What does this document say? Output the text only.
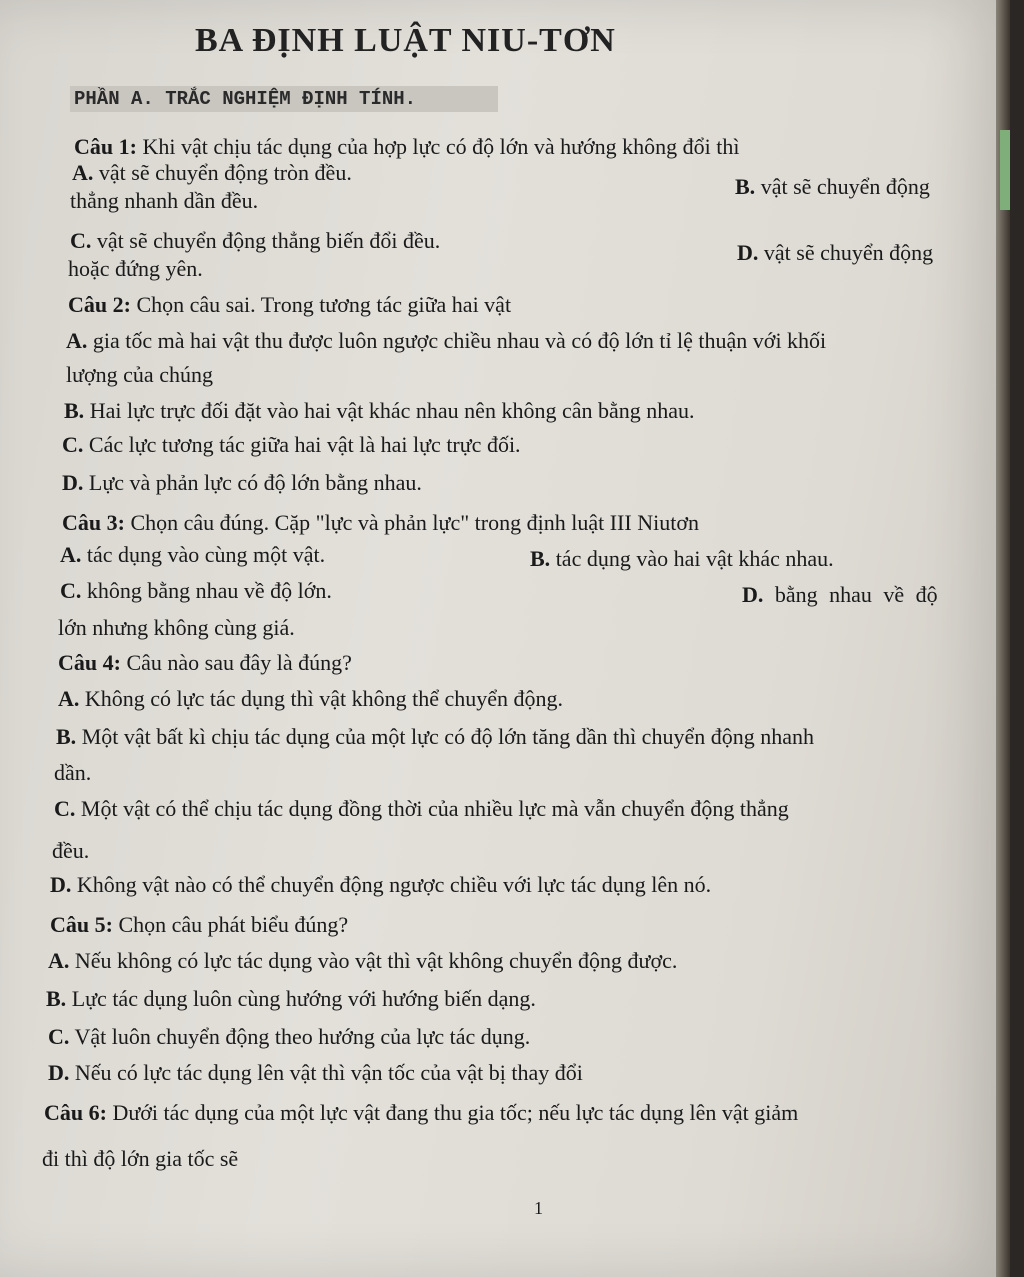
BA ĐỊNH LUẬT NIU-TƠN
PHẦN A. TRẮC NGHIỆM ĐỊNH TÍNH.
Câu 1: Khi vật chịu tác dụng của hợp lực có độ lớn và hướng không đổi thì
A. vật sẽ chuyển động tròn đều.
B. vật sẽ chuyển động
thẳng nhanh dần đều.
C. vật sẽ chuyển động thẳng biến đổi đều.	D. vật sẽ chuyển động
hoặc đứng yên.
Câu 2: Chọn câu sai. Trong tương tác giữa hai vật
A. gia tốc mà hai vật thu được luôn ngược chiều nhau và có độ lớn tỉ lệ thuận với khối
lượng của chúng
B. Hai lực trực đối đặt vào hai vật khác nhau nên không cân bằng nhau.
C. Các lực tương tác giữa hai vật là hai lực trực đối.
D. Lực và phản lực có độ lớn bằng nhau.
Câu 3: Chọn câu đúng. Cặp "lực và phản lực" trong định luật III Niutơn
A. tác dụng vào cùng một vật.	B. tác dụng vào hai vật khác nhau.
C. không bằng nhau về độ lớn.	D. bằng nhau về độ
lớn nhưng không cùng giá.
Câu 4: Câu nào sau đây là đúng?
A. Không có lực tác dụng thì vật không thể chuyển động.
B. Một vật bất kì chịu tác dụng của một lực có độ lớn tăng dần thì chuyển động nhanh
dần.
C. Một vật có thể chịu tác dụng đồng thời của nhiều lực mà vẫn chuyển động thẳng
đều.
D. Không vật nào có thể chuyển động ngược chiều với lực tác dụng lên nó.
Câu 5: Chọn câu phát biểu đúng?
A. Nếu không có lực tác dụng vào vật thì vật không chuyển động được.
B. Lực tác dụng luôn cùng hướng với hướng biến dạng.
C. Vật luôn chuyển động theo hướng của lực tác dụng.
D. Nếu có lực tác dụng lên vật thì vận tốc của vật bị thay đổi
Câu 6: Dưới tác dụng của một lực vật đang thu gia tốc; nếu lực tác dụng lên vật giảm
đi thì độ lớn gia tốc sẽ
1
